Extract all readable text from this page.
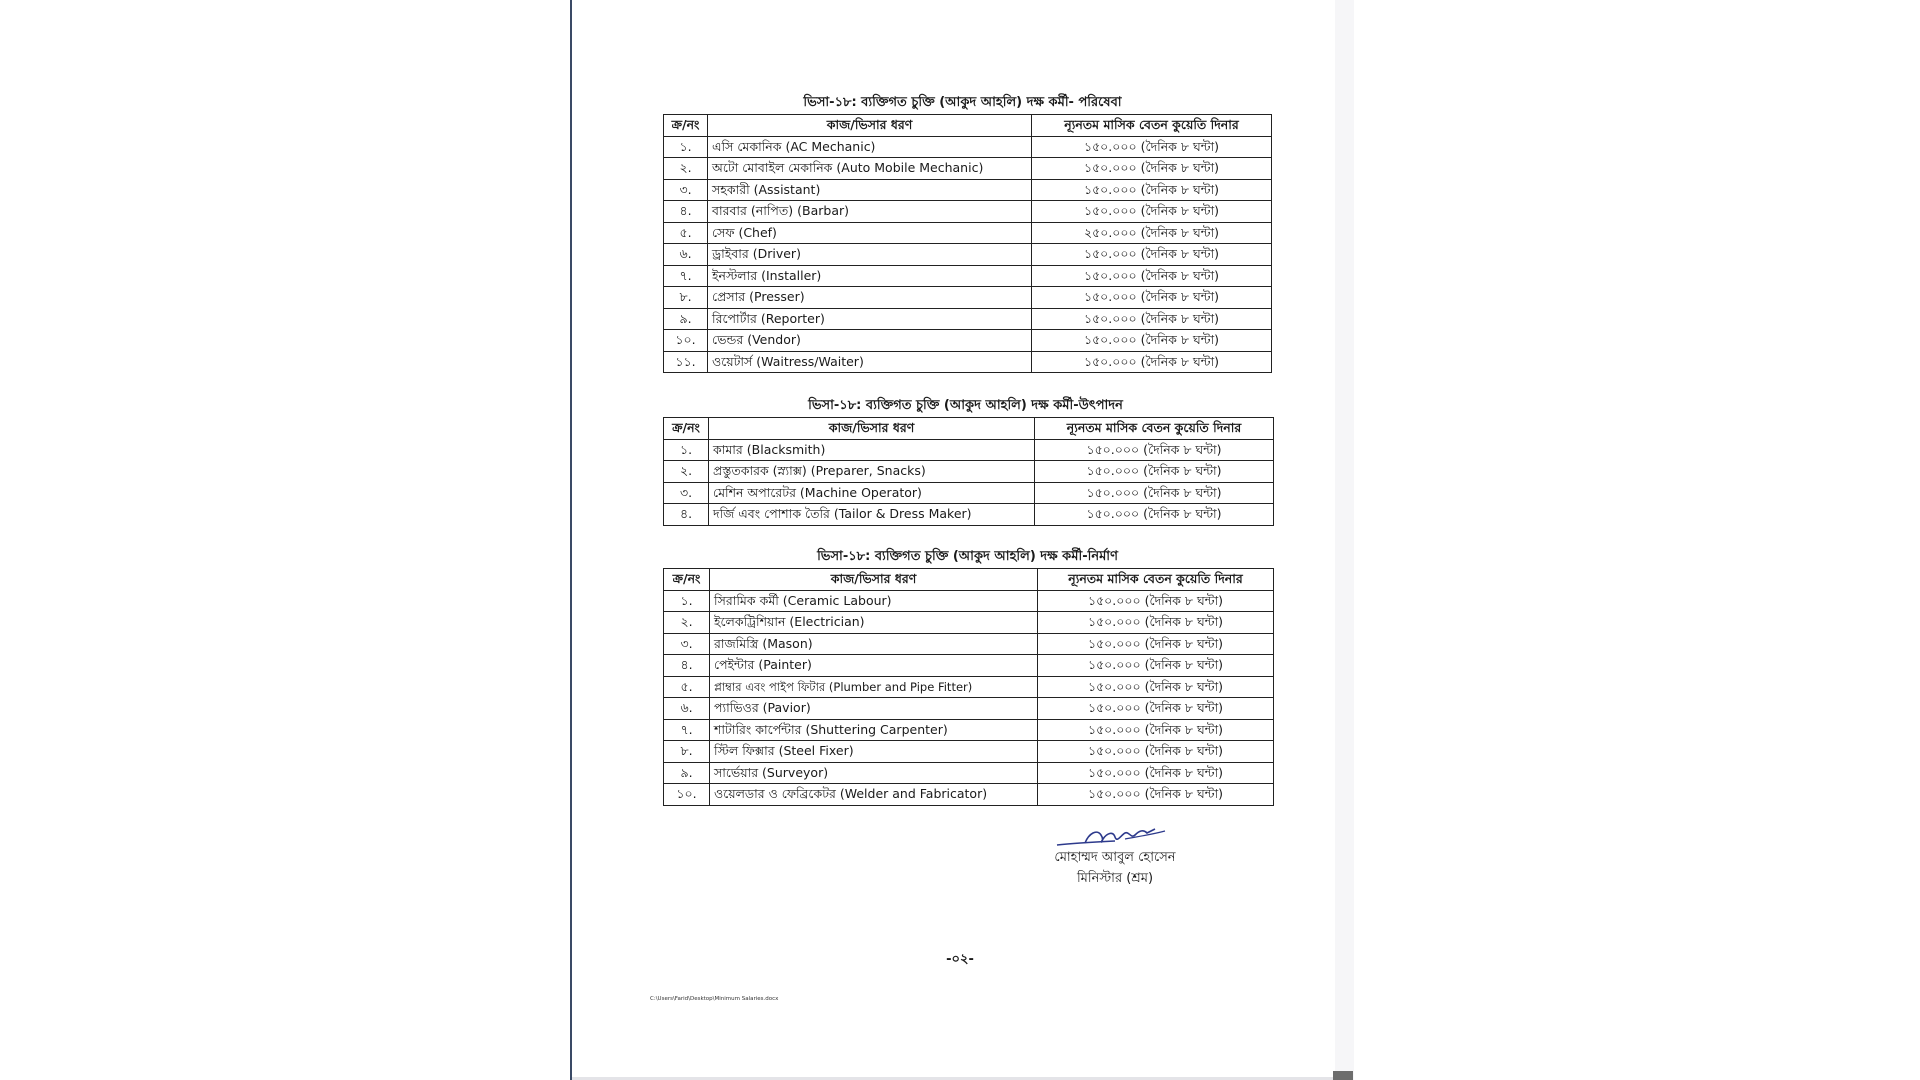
ভিসা-১৮: ব্যক্তিগত চুক্তি (আকুদ আহলি) দক্ষ কর্মী- পরিষেবা
ক্র/নং	কাজ/ভিসার ধরণ	ন্যূনতম মাসিক বেতন কুয়েতি দিনার
১.	এসি মেকানিক (AC Mechanic)	১৫০.০০০ (দৈনিক ৮ ঘন্টা)
২.	অটো মোবাইল মেকানিক (Auto Mobile Mechanic)	১৫০.০০০ (দৈনিক ৮ ঘন্টা)
৩.	সহকারী (Assistant)	১৫০.০০০ (দৈনিক ৮ ঘন্টা)
৪.	বারবার (নাপিত) (Barbar)	১৫০.০০০ (দৈনিক ৮ ঘন্টা)
৫.	সেফ (Chef)	২৫০.০০০ (দৈনিক ৮ ঘন্টা)
৬.	ড্রাইবার (Driver)	১৫০.০০০ (দৈনিক ৮ ঘন্টা)
৭.	ইনস্টলার (Installer)	১৫০.০০০ (দৈনিক ৮ ঘন্টা)
৮.	প্রেসার (Presser)	১৫০.০০০ (দৈনিক ৮ ঘন্টা)
৯.	রিপোর্টার (Reporter)	১৫০.০০০ (দৈনিক ৮ ঘন্টা)
১০.	ভেন্ডর (Vendor)	১৫০.০০০ (দৈনিক ৮ ঘন্টা)
১১.	ওয়েটার্স (Waitress/Waiter)	১৫০.০০০ (দৈনিক ৮ ঘন্টা)
ভিসা-১৮: ব্যক্তিগত চুক্তি (আকুদ আহলি) দক্ষ কর্মী-উৎপাদন
ক্র/নং	কাজ/ভিসার ধরণ	ন্যূনতম মাসিক বেতন কুয়েতি দিনার
১.	কামার (Blacksmith)	১৫০.০০০ (দৈনিক ৮ ঘন্টা)
২.	প্রস্তুতকারক (স্ন্যাক্স) (Preparer, Snacks)	১৫০.০০০ (দৈনিক ৮ ঘন্টা)
৩.	মেশিন অপারেটর (Machine Operator)	১৫০.০০০ (দৈনিক ৮ ঘন্টা)
৪.	দর্জি এবং পোশাক তৈরি (Tailor & Dress Maker)	১৫০.০০০ (দৈনিক ৮ ঘন্টা)
ভিসা-১৮: ব্যক্তিগত চুক্তি (আকুদ আহলি) দক্ষ কর্মী-নির্মাণ
ক্র/নং	কাজ/ভিসার ধরণ	ন্যূনতম মাসিক বেতন কুয়েতি দিনার
১.	সিরামিক কর্মী (Ceramic Labour)	১৫০.০০০ (দৈনিক ৮ ঘন্টা)
২.	ইলেকট্রিশিয়ান (Electrician)	১৫০.০০০ (দৈনিক ৮ ঘন্টা)
৩.	রাজমিস্ত্রি (Mason)	১৫০.০০০ (দৈনিক ৮ ঘন্টা)
৪.	পেইন্টার (Painter)	১৫০.০০০ (দৈনিক ৮ ঘন্টা)
৫.	প্লাম্বার এবং পাইপ ফিটার (Plumber and Pipe Fitter)	১৫০.০০০ (দৈনিক ৮ ঘন্টা)
৬.	প্যাভিওর (Pavior)	১৫০.০০০ (দৈনিক ৮ ঘন্টা)
৭.	শাটারিং কার্পেন্টার (Shuttering Carpenter)	১৫০.০০০ (দৈনিক ৮ ঘন্টা)
৮.	স্টিল ফিক্সার (Steel Fixer)	১৫০.০০০ (দৈনিক ৮ ঘন্টা)
৯.	সার্ভেয়ার (Surveyor)	১৫০.০০০ (দৈনিক ৮ ঘন্টা)
১০.	ওয়েলডার ও ফেব্রিকেটর (Welder and Fabricator)	১৫০.০০০ (দৈনিক ৮ ঘন্টা)
মোহাম্মদ আবুল হোসেন
মিনিস্টার (শ্রম)
-০২-
C:\Users\Farid\Desktop\Minimum Salaries.docx
